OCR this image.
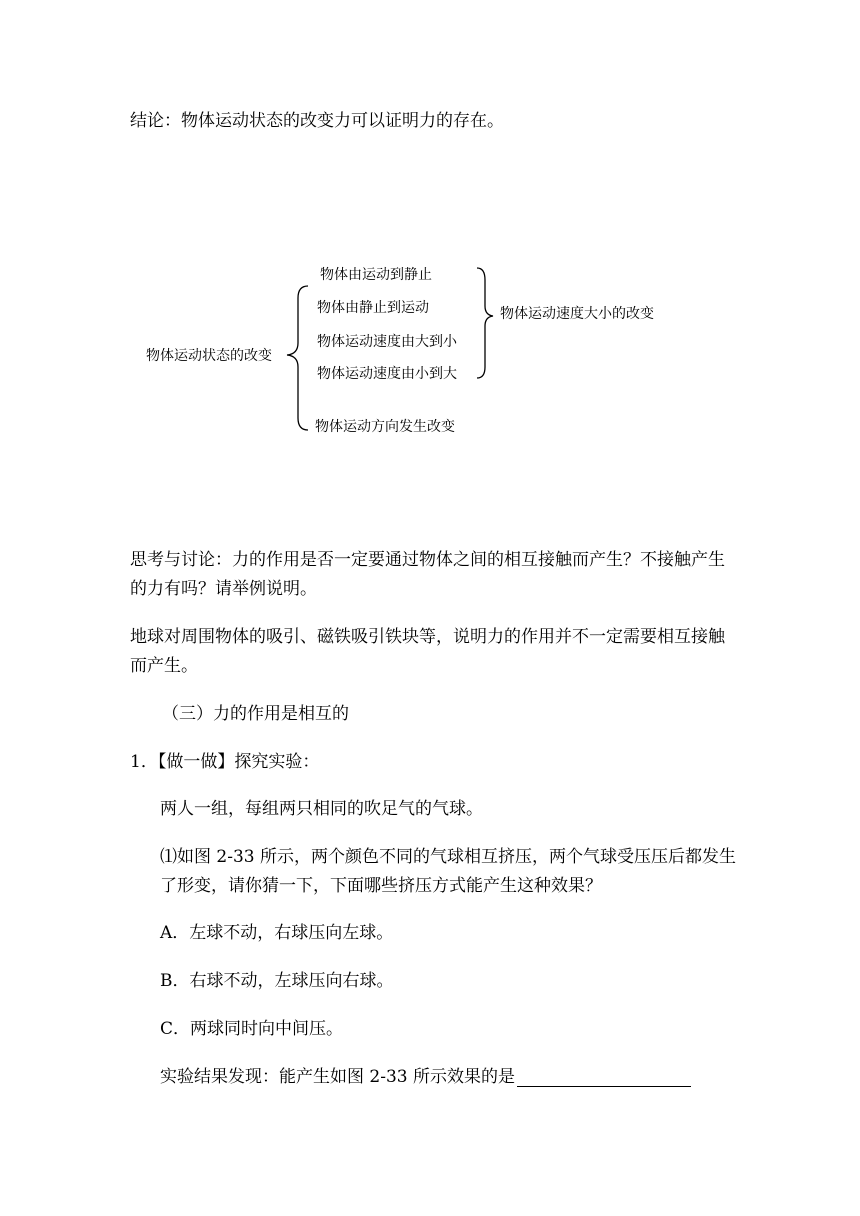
结论：物体运动状态的改变力可以证明力的存在。
物体运动状态的改变
物体由运动到静止
物体由静止到运动
物体运动速度由大到小
物体运动速度由小到大
物体运动方向发生改变
物体运动速度大小的改变
思考与讨论：力的作用是否一定要通过物体之间的相互接触而产生？不接触产生
的力有吗？请举例说明。
地球对周围物体的吸引、磁铁吸引铁块等，说明力的作用并不一定需要相互接触
而产生。
（三）力的作用是相互的
1．【做一做】探究实验：
两人一组，每组两只相同的吹足气的气球。
⑴如图 2-33 所示，两个颜色不同的气球相互挤压，两个气球受压压后都发生
了形变，请你猜一下，下面哪些挤压方式能产生这种效果？
A．左球不动，右球压向左球。
B．右球不动，左球压向右球。
C．两球同时向中间压。
实验结果发现：能产生如图 2-33 所示效果的是
